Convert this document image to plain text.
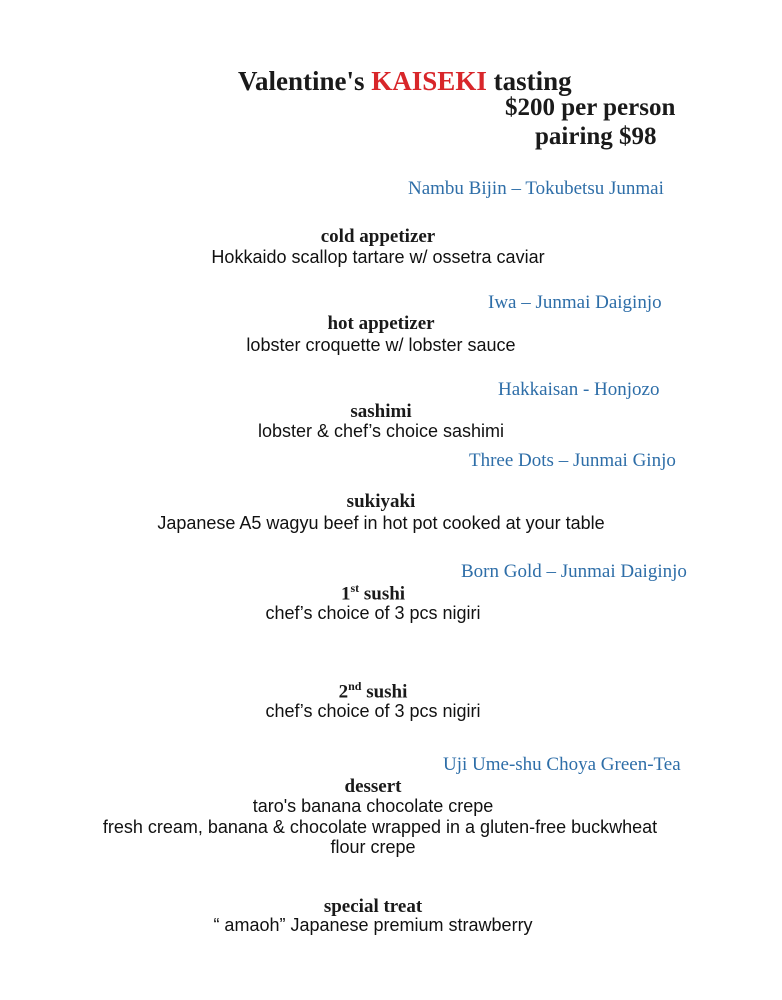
Valentine's KAISEKI tasting
$200 per person
pairing $98
Nambu Bijin – Tokubetsu Junmai
Iwa – Junmai Daiginjo
Hakkaisan - Honjozo
Three Dots – Junmai Ginjo
Born Gold – Junmai Daiginjo
Uji Ume-shu Choya Green-Tea
cold appetizer
Hokkaido scallop tartare w/ ossetra caviar
hot appetizer
lobster croquette w/ lobster sauce
sashimi
lobster & chef’s choice sashimi
sukiyaki
Japanese A5 wagyu beef in hot pot cooked at your table
1st sushi
chef’s choice of 3 pcs nigiri
2nd sushi
chef’s choice of 3 pcs nigiri
dessert
taro's banana chocolate crepe
fresh cream, banana & chocolate wrapped in a gluten-free buckwheat
flour crepe
special treat
“ amaoh” Japanese premium strawberry
